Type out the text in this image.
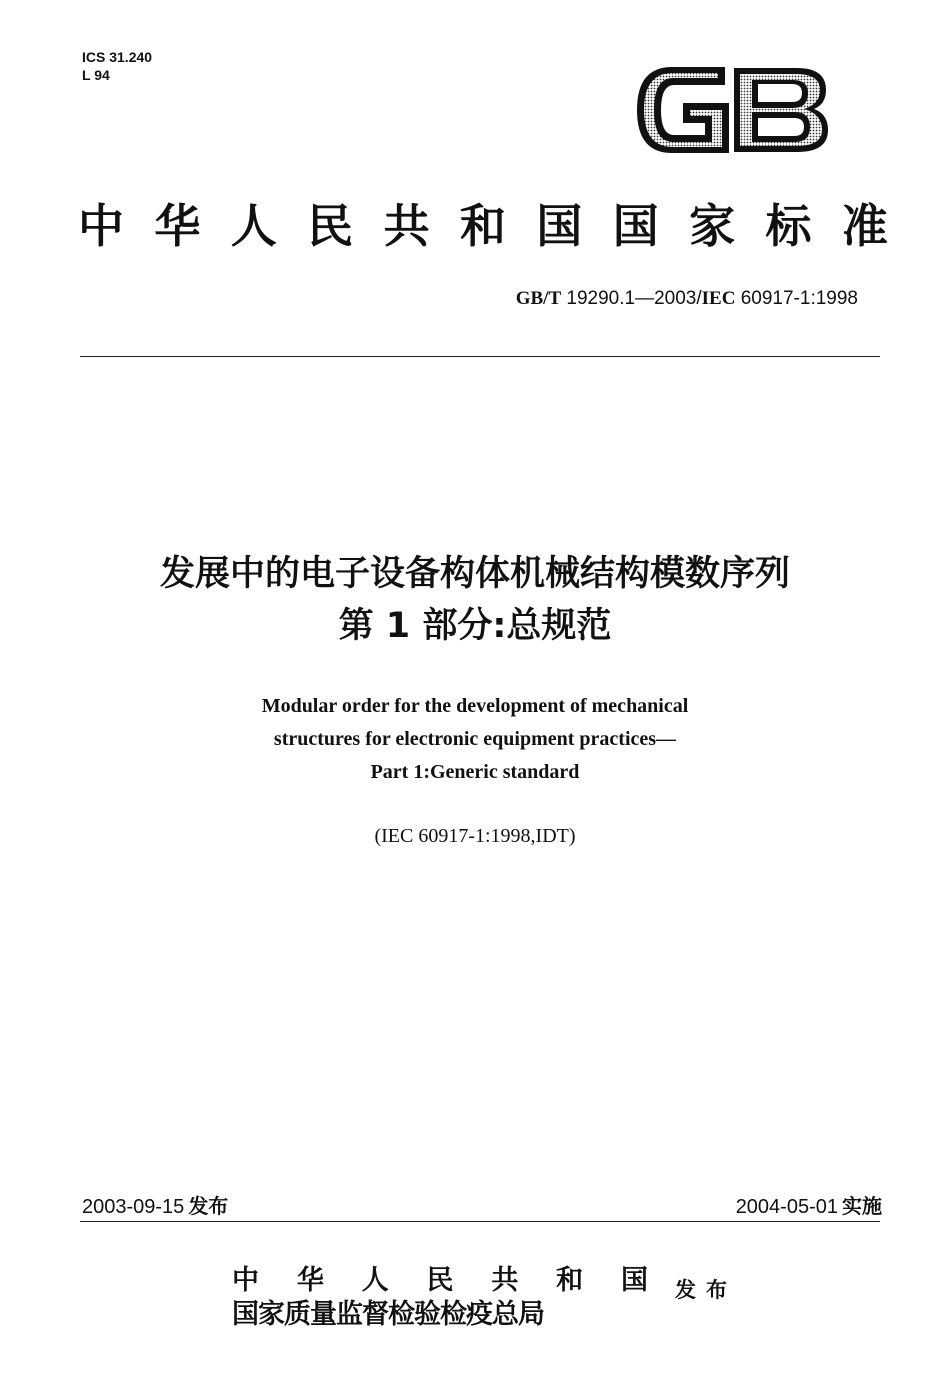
ICS 31.240
L 94
中 华 人 民 共 和 国 国 家 标 准
GB/T 19290.1—2003/IEC 60917-1:1998
发展中的电子设备构体机械结构模数序列
第 1 部分:总规范
Modular order for the development of mechanical
structures for electronic equipment practices—
Part 1:Generic standard
(IEC 60917-1:1998,IDT)
2003-09-15 发布	2004-05-01 实施
中 华 人 民 共 和 国
国家质量监督检验检疫总局
发布
